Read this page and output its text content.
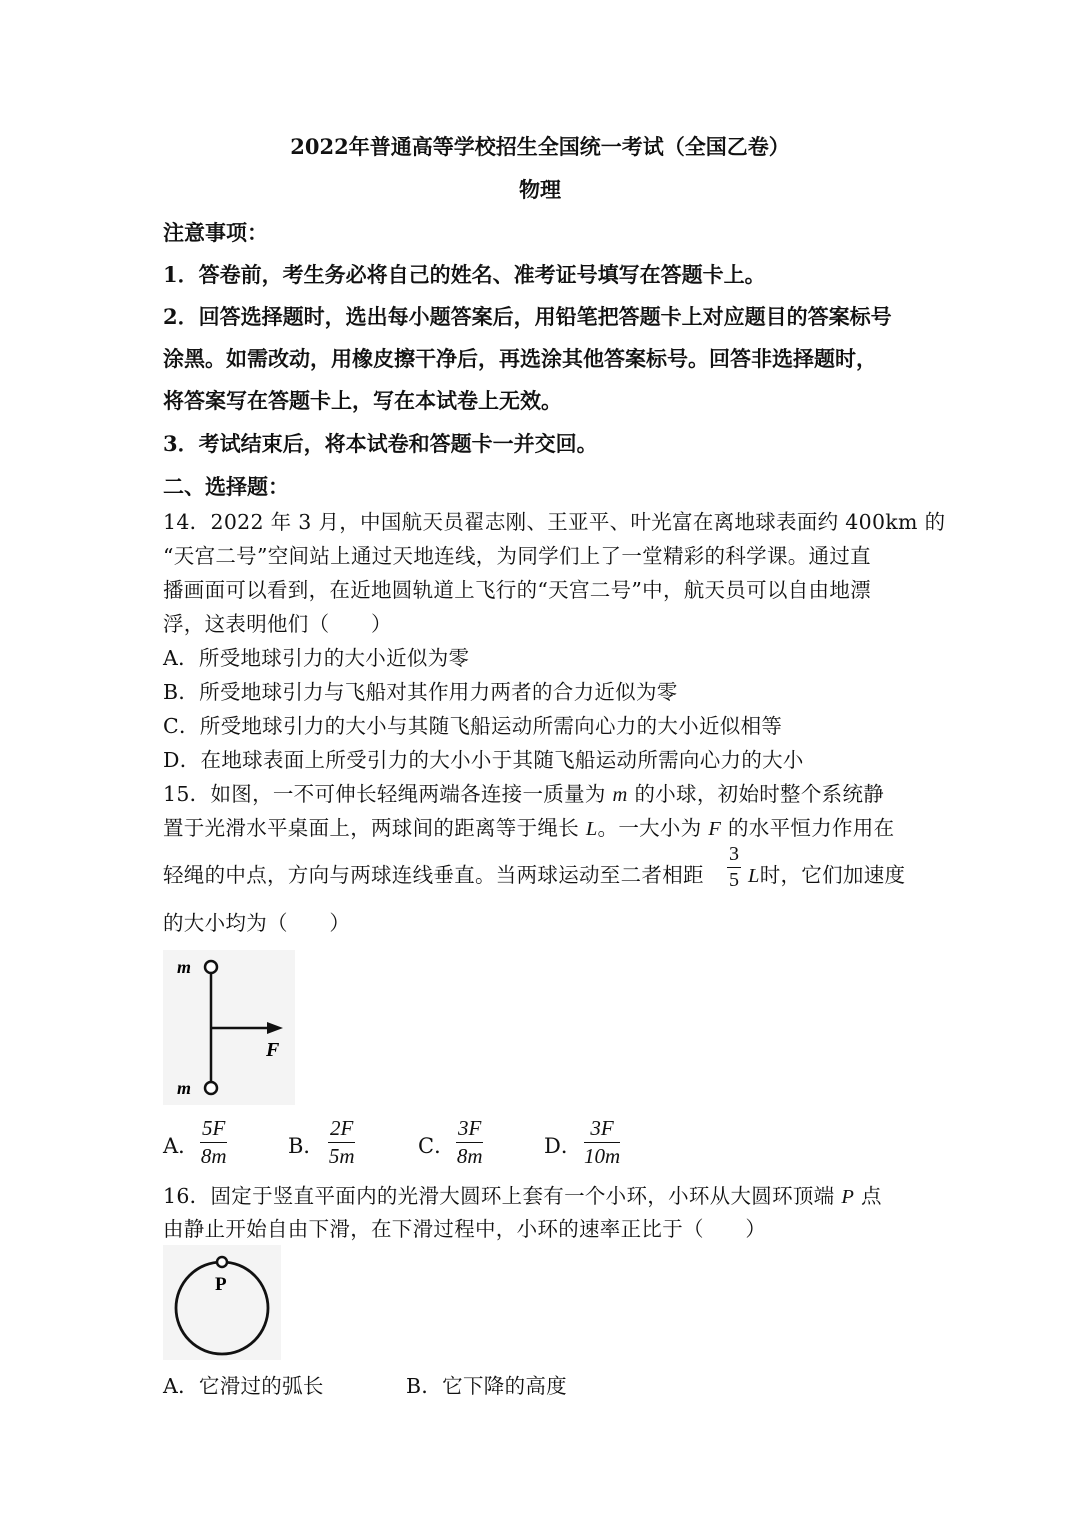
2022年普通高等学校招生全国统一考试（全国乙卷）
物理
注意事项：
1．答卷前，考生务必将自己的姓名、准考证号填写在答题卡上。
2．回答选择题时，选出每小题答案后，用铅笔把答题卡上对应题目的答案标号
涂黑。如需改动，用橡皮擦干净后，再选涂其他答案标号。回答非选择题时，
将答案写在答题卡上，写在本试卷上无效。
3．考试结束后，将本试卷和答题卡一并交回。
二、选择题：
14．2022 年 3 月，中国航天员翟志刚、王亚平、叶光富在离地球表面约 400km 的
“天宫二号”空间站上通过天地连线，为同学们上了一堂精彩的科学课。通过直
播画面可以看到，在近地圆轨道上飞行的“天宫二号”中，航天员可以自由地漂
浮，这表明他们（　　）
A．所受地球引力的大小近似为零
B．所受地球引力与飞船对其作用力两者的合力近似为零
C．所受地球引力的大小与其随飞船运动所需向心力的大小近似相等
D．在地球表面上所受引力的大小小于其随飞船运动所需向心力的大小
15．如图，一不可伸长轻绳两端各连接一质量为 m 的小球，初始时整个系统静
置于光滑水平桌面上，两球间的距离等于绳长 L。一大小为 F 的水平恒力作用在
轻绳的中点，方向与两球连线垂直。当两球运动至二者相距 $\frac{3}{5}$ L时，它们加速度
的大小均为（　　）
m
m
F
A． $\frac{5F}{8m}$	B． $\frac{2F}{5m}$	C． $\frac{3F}{8m}$	D． $\frac{3F}{10m}$
16．固定于竖直平面内的光滑大圆环上套有一个小环，小环从大圆环顶端 P 点
由静止开始自由下滑，在下滑过程中，小环的速率正比于（　　）
P
A．它滑过的弧长	B．它下降的高度
